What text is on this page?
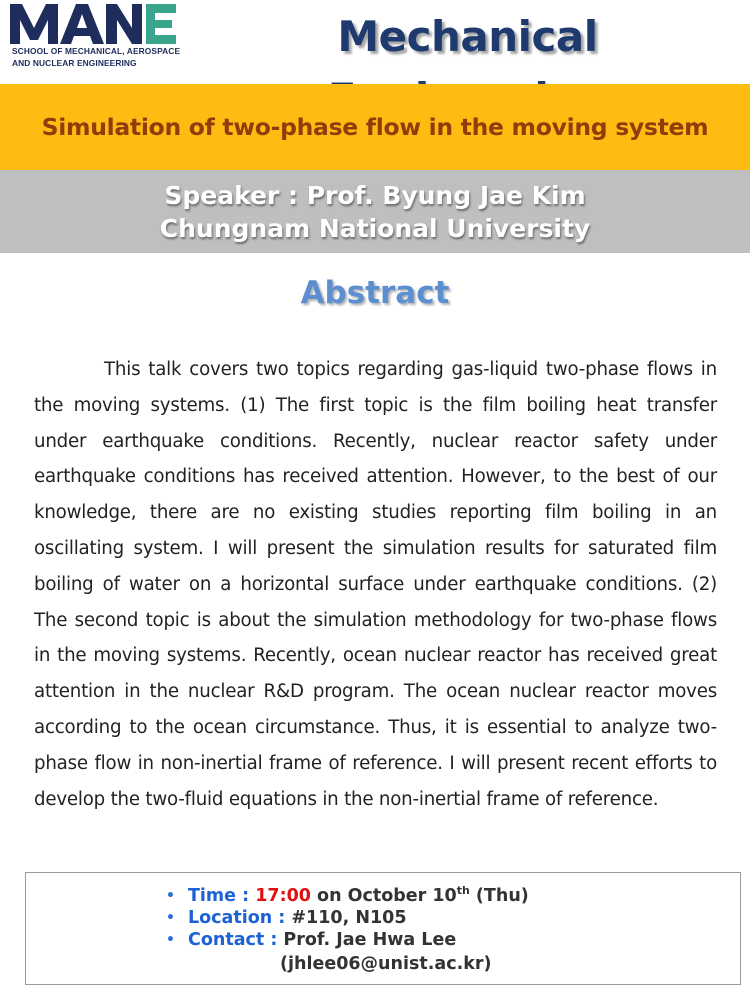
SCHOOL OF MECHANICAL, AEROSPACE
AND NUCLEAR ENGINEERING
Mechanical
Simulation of two-phase flow in the moving system
Speaker : Prof. Byung Jae Kim
Chungnam National University
Abstract

This talk covers two topics regarding gas-liquid two-phase flows in the moving systems. (1) The first topic is the film boiling heat transfer under earthquake conditions. Recently, nuclear reactor safety under earthquake conditions has received attention. However, to the best of our knowledge, there are no existing studies reporting film boiling in an oscillating system. I will present the simulation results for saturated film boiling of water on a horizontal surface under earthquake conditions. (2) The second topic is about the simulation methodology for two-phase flows in the moving systems. Recently, ocean nuclear reactor has received great attention in the nuclear R&D program. The ocean nuclear reactor moves according to the ocean circumstance. Thus, it is essential to analyze two-phase flow in non-inertial frame of reference. I will present recent efforts to develop the two-fluid equations in the non-inertial frame of reference.

• Time : 17:00 on October 10th (Thu)
• Location : #110, N105
• Contact : Prof. Jae Hwa Lee
(jhlee06@unist.ac.kr)
